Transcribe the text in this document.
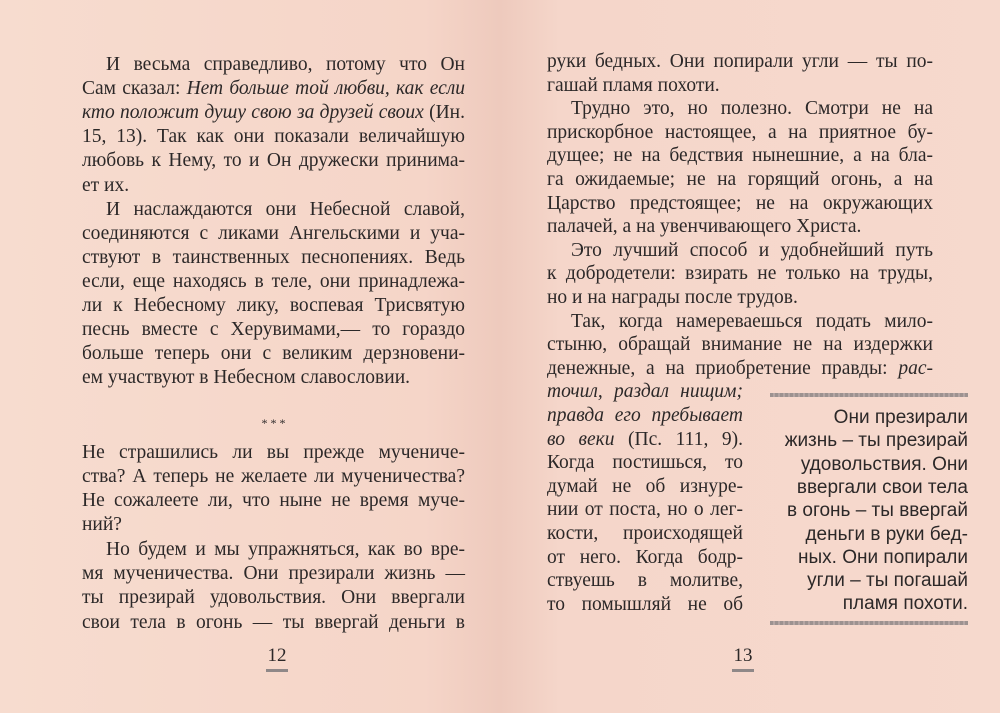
* * *
12
И весьма справедливо, потому что Он
Сам сказал: Нет больше той любви, как если
кто положит душу свою за друзей своих (Ин.
15, 13). Так как они показали величайшую
любовь к Нему, то и Он дружески принима-
ет их.
И наслаждаются они Небесной славой,
соединяются с ликами Ангельскими и уча-
ствуют в таинственных песнопениях. Ведь
если, еще находясь в теле, они принадлежа-
ли к Небесному лику, воспевая Трисвятую
песнь вместе с Херувимами,— то гораздо
больше теперь они с великим дерзновени-
ем участвуют в Небесном славословии.
Не страшились ли вы прежде мучениче-
ства? А теперь не желаете ли мученичества?
Не сожалеете ли, что ныне не время муче-
ний?
Но будем и мы упражняться, как во вре-
мя мученичества. Они презирали жизнь —
ты презирай удовольствия. Они ввергали
свои тела в огонь — ты ввергай деньги в
13
руки бедных. Они попирали угли — ты по-
гашай пламя похоти.
Трудно это, но полезно. Смотри не на
прискорбное настоящее, а на приятное бу-
дущее; не на бедствия нынешние, а на бла-
га ожидаемые; не на горящий огонь, а на
Царство предстоящее; не на окружающих
палачей, а на увенчивающего Христа.
Это лучший способ и удобнейший путь
к добродетели: взирать не только на труды,
но и на награды после трудов.
Так, когда намереваешься подать мило-
стыню, обращай внимание не на издержки
денежные, а на приобретение правды: рас-
точил, раздал нищим;
правда его пребывает
во веки (Пс. 111, 9).
Когда постишься, то
думай не об изнуре-
нии от поста, но о лег-
кости, происходящей
от него. Когда бодр-
ствуешь в молитве,
то помышляй не об
Они презирали
жизнь – ты презирай
удовольствия. Они
ввергали свои тела
в огонь – ты ввергай
деньги в руки бед-
ных. Они попирали
угли – ты погашай
пламя похоти.
